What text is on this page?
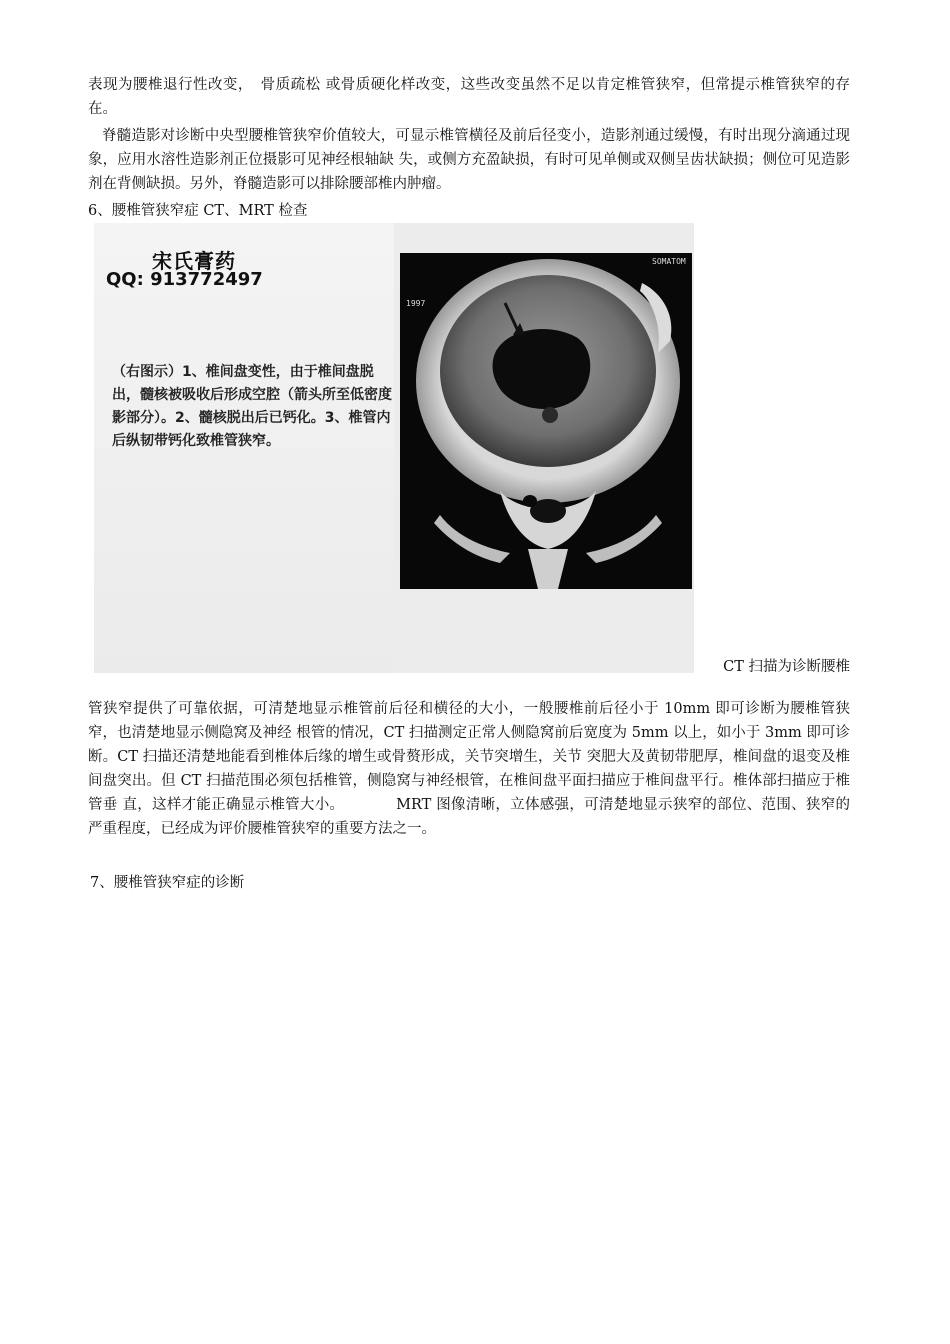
表现为腰椎退行性改变，　骨质疏松 或骨质硬化样改变，这些改变虽然不足以肯定椎管狭窄，但常提示椎管狭窄的存在。

脊髓造影对诊断中央型腰椎管狭窄价值较大，可显示椎管横径及前后径变小，造影剂通过缓慢，有时出现分滴通过现象，应用水溶性造影剂正位摄影可见神经根轴缺 失，或侧方充盈缺损，有时可见单侧或双侧呈齿状缺损；侧位可见造影剂在背侧缺损。另外，脊髓造影可以排除腰部椎内肿瘤。

6、腰椎管狭窄症 CT、MRT 检查

宋氏膏药
QQ: 913772497
（右图示）1、椎间盘变性，由于椎间盘脱出，髓核被吸收后形成空腔（箭头所至低密度影部分）。2、髓核脱出后已钙化。3、椎管内后纵韧带钙化致椎管狭窄。
1997
SOMATOM

CT 扫描为诊断腰椎

管狭窄提供了可靠依据，可清楚地显示椎管前后径和横径的大小，一般腰椎前后径小于 10mm 即可诊断为腰椎管狭窄，也清楚地显示侧隐窝及神经 根管的情况，CT 扫描测定正常人侧隐窝前后宽度为 5mm 以上，如小于 3mm 即可诊断。CT 扫描还清楚地能看到椎体后缘的增生或骨赘形成，关节突增生，关节 突肥大及黄韧带肥厚，椎间盘的退变及椎间盘突出。但 CT 扫描范围必须包括椎管，侧隐窝与神经根管，在椎间盘平面扫描应于椎间盘平行。椎体部扫描应于椎管垂 直，这样才能正确显示椎管大小。　　　　MRT 图像清晰，立体感强，可清楚地显示狭窄的部位、范围、狭窄的严重程度，已经成为评价腰椎管狭窄的重要方法之一。

7、腰椎管狭窄症的诊断
